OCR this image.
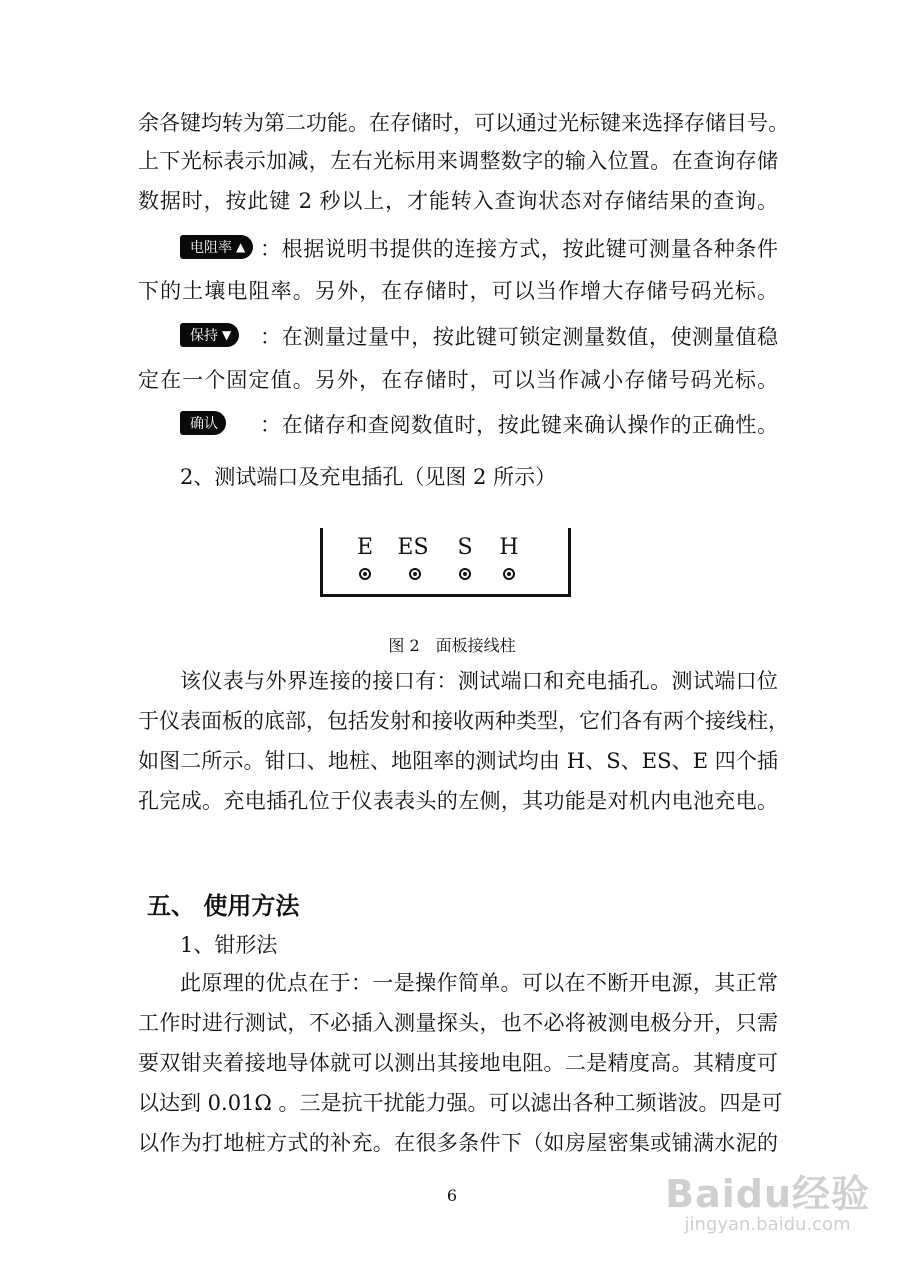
余各键均转为第二功能。在存储时，可以通过光标键来选择存储目号。
上下光标表示加减，左右光标用来调整数字的输入位置。在查询存储
数据时，按此键 2 秒以上，才能转入查询状态对存储结果的查询。
电阻率 ▲ ：根据说明书提供的连接方式，按此键可测量各种条件
下的土壤电阻率。另外，在存储时，可以当作增大存储号码光标。
保持 ▼ ：在测量过量中，按此键可锁定测量数值，使测量值稳
定在一个固定值。另外，在存储时，可以当作减小存储号码光标。
确认 ：在储存和查阅数值时，按此键来确认操作的正确性。
2、测试端口及充电插孔（见图 2 所示）
E ES S H
图 2　面板接线柱
该仪表与外界连接的接口有：测试端口和充电插孔。测试端口位
于仪表面板的底部，包括发射和接收两种类型，它们各有两个接线柱，
如图二所示。钳口、地桩、地阻率的测试均由 H、S、ES、E 四个插
孔完成。充电插孔位于仪表表头的左侧，其功能是对机内电池充电。
五、 使用方法
1、钳形法
此原理的优点在于：一是操作简单。可以在不断开电源，其正常
工作时进行测试，不必插入测量探头，也不必将被测电极分开，只需
要双钳夹着接地导体就可以测出其接地电阻。二是精度高。其精度可
以达到 0.01Ω 。三是抗干扰能力强。可以滤出各种工频谐波。四是可
以作为打地桩方式的补充。在很多条件下（如房屋密集或铺满水泥的
6	Baidu经验
jingyan.baidu.com
